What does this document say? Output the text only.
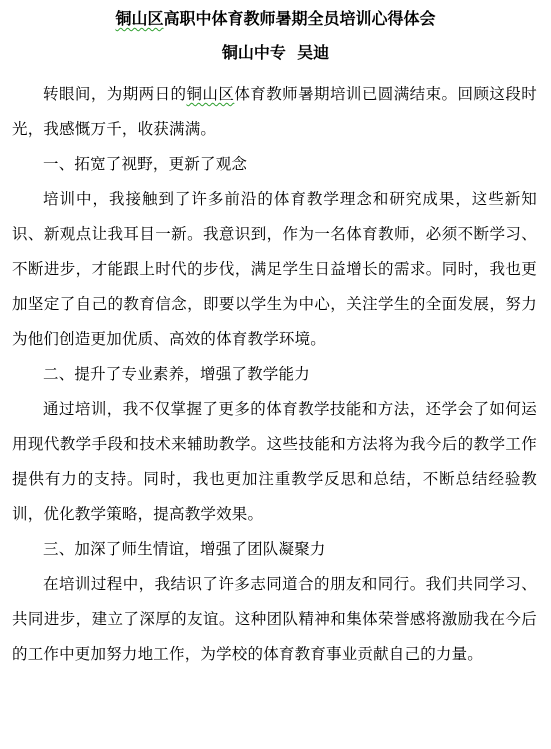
铜山区高职中体育教师暑期全员培训心得体会
铜山中专  吴迪

转眼间，为期两日的铜山区体育教师暑期培训已圆满结束。回顾这段时光，我感慨万千，收获满满。

一、拓宽了视野，更新了观念

培训中，我接触到了许多前沿的体育教学理念和研究成果，这些新知识、新观点让我耳目一新。我意识到，作为一名体育教师，必须不断学习、不断进步，才能跟上时代的步伐，满足学生日益增长的需求。同时，我也更加坚定了自己的教育信念，即要以学生为中心，关注学生的全面发展，努力为他们创造更加优质、高效的体育教学环境。

二、提升了专业素养，增强了教学能力

通过培训，我不仅掌握了更多的体育教学技能和方法，还学会了如何运用现代教学手段和技术来辅助教学。这些技能和方法将为我今后的教学工作提供有力的支持。同时，我也更加注重教学反思和总结，不断总结经验教训，优化教学策略，提高教学效果。

三、加深了师生情谊，增强了团队凝聚力

在培训过程中，我结识了许多志同道合的朋友和同行。我们共同学习、共同进步，建立了深厚的友谊。这种团队精神和集体荣誉感将激励我在今后的工作中更加努力地工作，为学校的体育教育事业贡献自己的力量。
